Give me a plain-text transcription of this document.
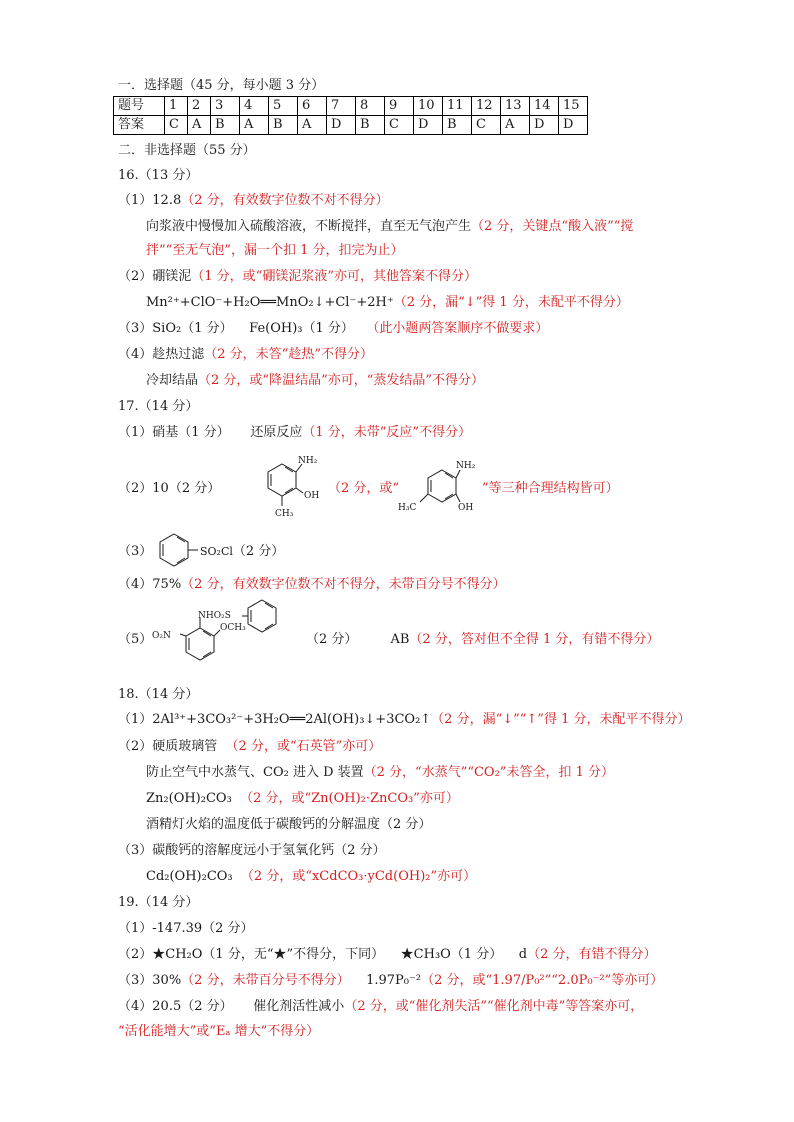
一．选择题（45 分，每小题 3 分）
题号	1	2	3	4	5	6	7	8	9	10	11	12	13	14	15
答案	C	A	B	A	B	A	D	B	C	D	B	C	A	D	D
二．非选择题（55 分）
16.（13 分）
（1）12.8（2 分，有效数字位数不对不得分）
向浆液中慢慢加入硫酸溶液，不断搅拌，直至无气泡产生（2 分，关键点“酸入液”“搅
拌”“至无气泡”，漏一个扣 1 分，扣完为止）
（2）硼镁泥（1 分，或“硼镁泥浆液”亦可，其他答案不得分）
Mn²⁺+ClO⁻+H₂O══MnO₂↓+Cl⁻+2H⁺（2 分，漏“↓”得 1 分，未配平不得分）
（3）SiO₂（1 分） Fe(OH)₃（1 分） （此小题两答案顺序不做要求）
（4）趁热过滤（2 分，未答“趁热”不得分）
冷却结晶（2 分，或“降温结晶”亦可，“蒸发结晶”不得分）
17.（14 分）
（1）硝基（1 分） 还原反应（1 分，未带“反应”不得分）
（2）10（2 分）
NH₂
OH
CH₃
（2 分，或“
NH₂
OH
H₃C
”等三种合理结构皆可）
（3）	SO₂Cl（2 分）
（4）75%（2 分，有效数字位数不对不得分，未带百分号不得分）
（5）
NHO₂S
O₂N
OCH₃
（2 分）	AB（2 分，答对但不全得 1 分，有错不得分）
18.（14 分）
（1）2Al³⁺+3CO₃²⁻+3H₂O══2Al(OH)₃↓+3CO₂↑（2 分，漏“↓”“↑”得 1 分，未配平不得分）
（2）硬质玻璃管 （2 分，或“石英管”亦可）
防止空气中水蒸气、CO₂ 进入 D 装置（2 分，“水蒸气”“CO₂”未答全，扣 1 分）
Zn₂(OH)₂CO₃ （2 分，或“Zn(OH)₂·ZnCO₃”亦可）
酒精灯火焰的温度低于碳酸钙的分解温度（2 分）
（3）碳酸钙的溶解度远小于氢氧化钙（2 分）
Cd₂(OH)₂CO₃ （2 分，或“xCdCO₃·yCd(OH)₂”亦可）
19.（14 分）
（1）-147.39（2 分）
（2）★CH₂O（1 分，无“★”不得分，下同） ★CH₃O（1 分） d（2 分，有错不得分）
（3）30%（2 分，未带百分号不得分） 1.97P₀⁻²（2 分，或“1.97/P₀²”“2.0P₀⁻²”等亦可）
（4）20.5（2 分） 催化剂活性减小（2 分，或“催化剂失活”“催化剂中毒”等答案亦可，
“活化能增大”或“Eₐ 增大”不得分）
